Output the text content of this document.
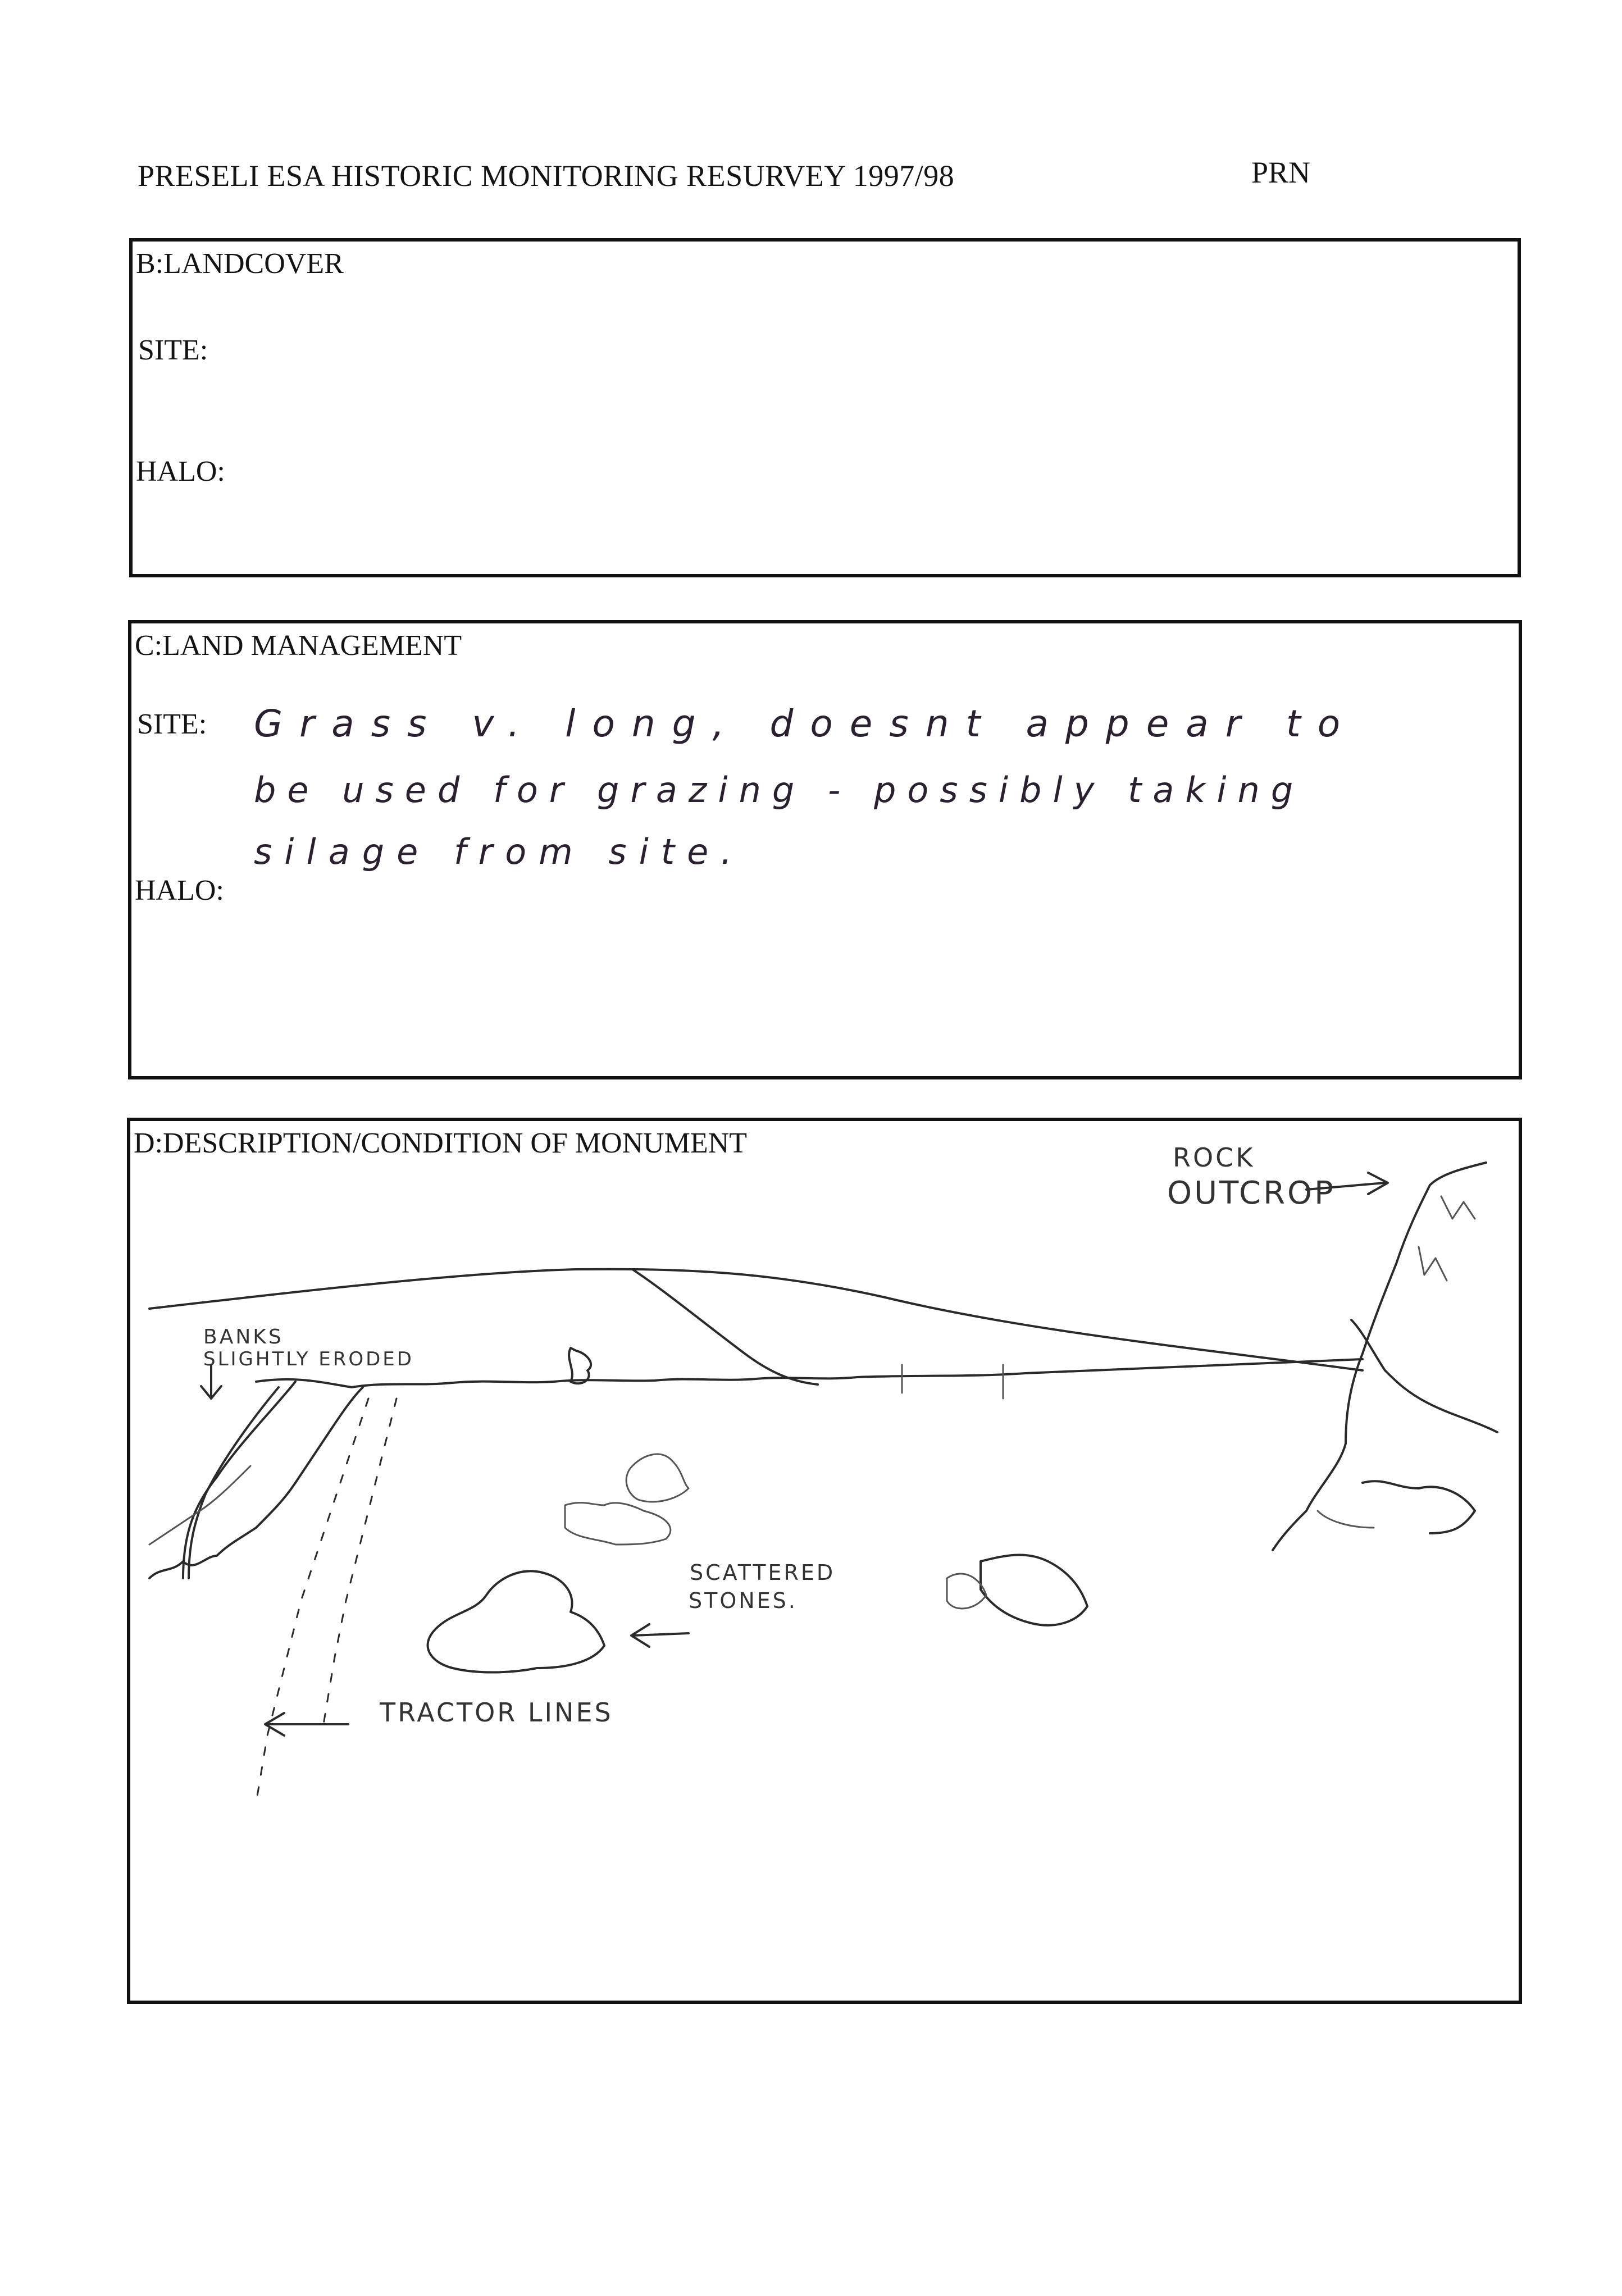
PRESELI ESA HISTORIC MONITORING RESURVEY 1997/98	PRN
B:LANDCOVER
SITE:
HALO:
C:LAND MANAGEMENT
SITE:
HALO:
Grass v. long, doesnt appear to
be used for grazing - possibly taking
silage from site.
D:DESCRIPTION/CONDITION OF MONUMENT	ROCK
OUTCROP
BANKS
SLIGHTLY ERODED
SCATTERED
STONES.
TRACTOR LINES
